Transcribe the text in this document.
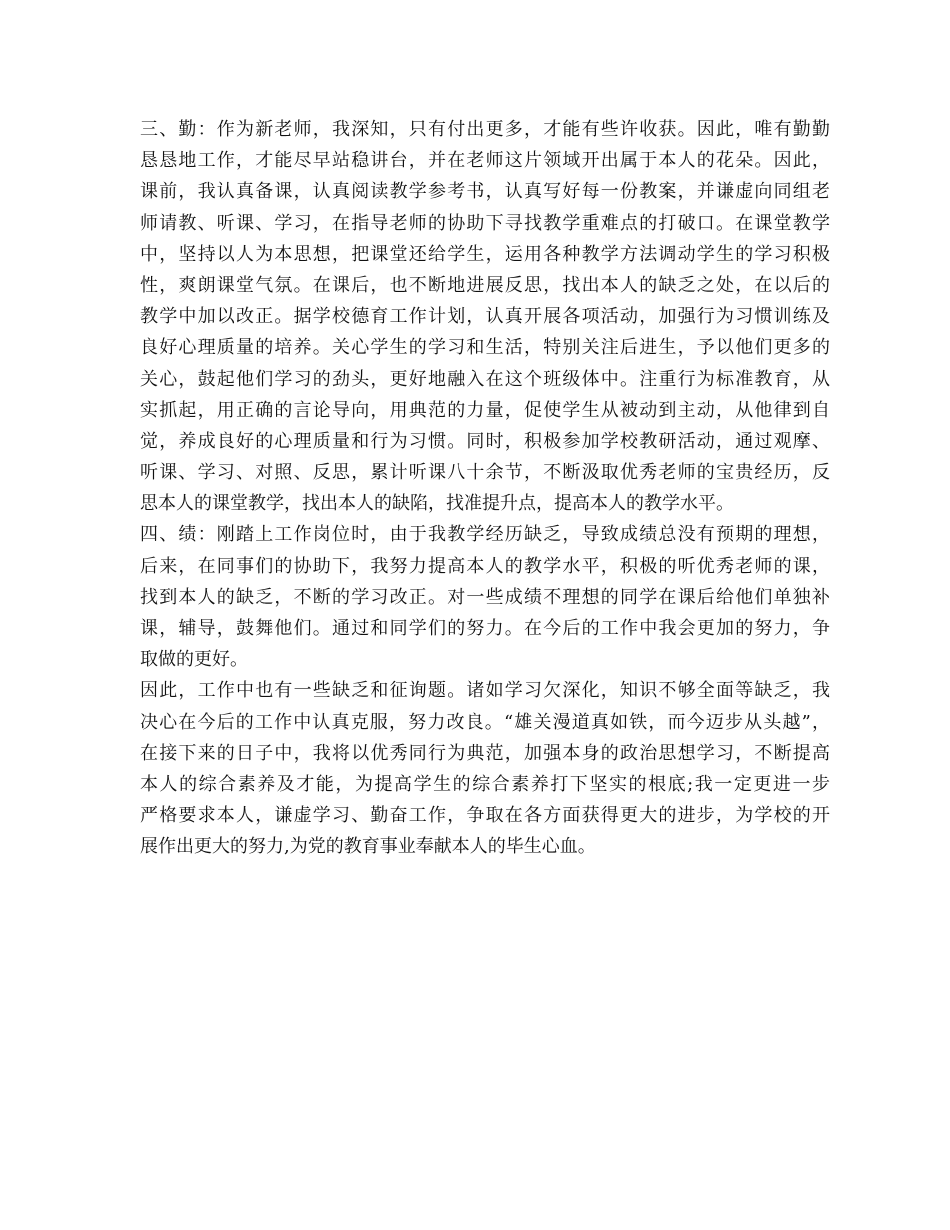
三、勤：作为新老师，我深知，只有付出更多，才能有些许收获。因此，唯有勤勤
恳恳地工作，才能尽早站稳讲台，并在老师这片领域开出属于本人的花朵。因此，
课前，我认真备课，认真阅读教学参考书，认真写好每一份教案，并谦虚向同组老
师请教、听课、学习，在指导老师的协助下寻找教学重难点的打破口。在课堂教学
中，坚持以人为本思想，把课堂还给学生，运用各种教学方法调动学生的学习积极
性，爽朗课堂气氛。在课后，也不断地进展反思，找出本人的缺乏之处，在以后的
教学中加以改正。据学校德育工作计划，认真开展各项活动，加强行为习惯训练及
良好心理质量的培养。关心学生的学习和生活，特别关注后进生，予以他们更多的
关心，鼓起他们学习的劲头，更好地融入在这个班级体中。注重行为标准教育，从
实抓起，用正确的言论导向，用典范的力量，促使学生从被动到主动，从他律到自
觉，养成良好的心理质量和行为习惯。同时，积极参加学校教研活动，通过观摩、
听课、学习、对照、反思，累计听课八十余节，不断汲取优秀老师的宝贵经历，反
思本人的课堂教学，找出本人的缺陷，找准提升点，提高本人的教学水平。
四、绩：刚踏上工作岗位时，由于我教学经历缺乏，导致成绩总没有预期的理想，
后来，在同事们的协助下，我努力提高本人的教学水平，积极的听优秀老师的课，
找到本人的缺乏，不断的学习改正。对一些成绩不理想的同学在课后给他们单独补
课，辅导，鼓舞他们。通过和同学们的努力。在今后的工作中我会更加的努力，争
取做的更好。
因此，工作中也有一些缺乏和征询题。诸如学习欠深化，知识不够全面等缺乏，我
决心在今后的工作中认真克服，努力改良。“雄关漫道真如铁，而今迈步从头越”，
在接下来的日子中，我将以优秀同行为典范，加强本身的政治思想学习，不断提高
本人的综合素养及才能，为提高学生的综合素养打下坚实的根底;我一定更进一步
严格要求本人，谦虚学习、勤奋工作，争取在各方面获得更大的进步，为学校的开
展作出更大的努力,为党的教育事业奉献本人的毕生心血。
